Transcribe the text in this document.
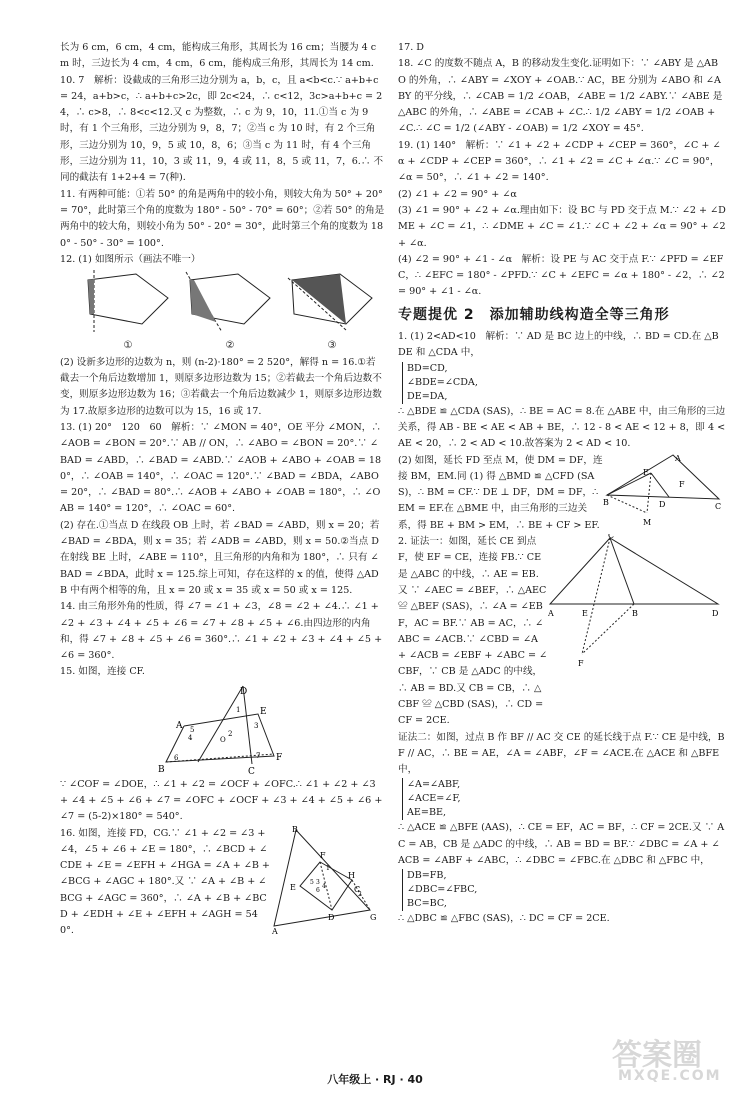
长为 6 cm，6 cm，4 cm，能构成三角形，其周长为 16 cm；当腰为 4 cm 时，三边长为 4 cm，4 cm，6 cm，能构成三角形，其周长为 14 cm.

10. 7　解析：设截成的三角形三边分别为 a，b，c，且 a<b<c.∵ a+b+c = 24，a+b>c，∴ a+b+c>2c，即 2c<24，∴ c<12，3c>a+b+c = 24，∴ c>8，∴ 8<c<12.又 c 为整数，∴ c 为 9，10，11.①当 c 为 9 时，有 1 个三角形，三边分别为 9，8，7；②当 c 为 10 时，有 2 个三角形，三边分别为 10，9，5 或 10，8，6；③当 c 为 11 时，有 4 个三角形，三边分别为 11，10，3 或 11，9，4 或 11，8，5 或 11，7，6.∴ 不同的截法有 1+2+4 = 7(种).

11. 有两种可能：①若 50° 的角是两角中的较小角，则较大角为 50° + 20° = 70°，此时第三个角的度数为 180° - 50° - 70° = 60°；②若 50° 的角是两角中的较大角，则较小角为 50° - 20° = 30°，此时第三个角的度数为 180° - 50° - 30° = 100°.

12. (1) 如图所示（画法不唯一）

①	②	③

(2) 设新多边形的边数为 n，则 (n-2)·180° = 2 520°，解得 n = 16.①若截去一个角后边数增加 1，则原多边形边数为 15；②若截去一个角后边数不变，则原多边形边数为 16；③若截去一个角后边数减少 1，则原多边形边数为 17.故原多边形的边数可以为 15，16 或 17.

13. (1) 20°　120　60　解析：∵ ∠MON = 40°，OE 平分 ∠MON，∴ ∠AOB = ∠BON = 20°.∵ AB // ON，∴ ∠ABO = ∠BON = 20°.∵ ∠BAD = ∠ABD，∴ ∠BAD = ∠ABD.∵ ∠AOB + ∠ABO + ∠OAB = 180°，∴ ∠OAB = 140°，∴ ∠OAC = 120°.∵ ∠BAD = ∠BDA，∠ABO = 20°，∴ ∠BAD = 80°.∴ ∠AOB + ∠ABO + ∠OAB = 180°，∴ ∠OAB = 140° = 120°，∴ ∠OAC = 60°.

(2) 存在.①当点 D 在线段 OB 上时，若 ∠BAD = ∠ABD，则 x = 20；若 ∠BAD = ∠BDA，则 x = 35；若 ∠ADB = ∠ABD，则 x = 50.②当点 D 在射线 BE 上时，∠ABE = 110°，且三角形的内角和为 180°，∴ 只有 ∠BAD = ∠BDA，此时 x = 125.综上可知，存在这样的 x 的值，使得 △ADB 中有两个相等的角，且 x = 20 或 x = 35 或 x = 50 或 x = 125.

14. 由三角形外角的性质，得 ∠7 = ∠1 + ∠3，∠8 = ∠2 + ∠4.∴ ∠1 + ∠2 + ∠3 + ∠4 + ∠5 + ∠6 = ∠7 + ∠8 + ∠5 + ∠6.由四边形的内角和，得 ∠7 + ∠8 + ∠5 + ∠6 = 360°.∴ ∠1 + ∠2 + ∠3 + ∠4 + ∠5 + ∠6 = 360°.

15. 如图，连接 CF.

D
A
E
B	C
F
1
2
3
4
5
6	7
O

∵ ∠COF = ∠DOE，∴ ∠1 + ∠2 = ∠OCF + ∠OFC.∴ ∠1 + ∠2 + ∠3 + ∠4 + ∠5 + ∠6 + ∠7 = ∠OFC + ∠OCF + ∠3 + ∠4 + ∠5 + ∠6 + ∠7 = (5-2)×180° = 540°.

16. 如图，连接 FD，CG.∵ ∠1 + ∠2 = ∠3 + ∠4，∠5 + ∠6 + ∠E = 180°，∴ ∠BCD + ∠CDE + ∠E = ∠EFH + ∠HGA = ∠A + ∠B + ∠BCG + ∠AGC + 180°.又 ∵ ∠A + ∠B + ∠BCG + ∠AGC = 360°，∴ ∠A + ∠B + ∠BCD + ∠EDH + ∠E + ∠EFH + ∠AGH = 540°.

B
F
E
D
H
C
A
G
1
2
3
4
5
6

17. D

18. ∠C 的度数不随点 A，B 的移动发生变化.证明如下：∵ ∠ABY 是 △ABO 的外角，∴ ∠ABY = ∠XOY + ∠OAB.∵ AC，BE 分别为 ∠ABO 和 ∠ABY 的平分线，∴ ∠CAB = 1/2 ∠OAB，∠ABE = 1/2 ∠ABY.∵ ∠ABE 是 △ABC 的外角，∴ ∠ABE = ∠CAB + ∠C.∴ 1/2 ∠ABY = 1/2 ∠OAB + ∠C.∴ ∠C = 1/2 (∠ABY - ∠OAB) = 1/2 ∠XOY = 45°.

19. (1) 140°　解析：∵ ∠1 + ∠2 + ∠CDP + ∠CEP = 360°，∠C + ∠α + ∠CDP + ∠CEP = 360°，∴ ∠1 + ∠2 = ∠C + ∠α.∵ ∠C = 90°，∠α = 50°，∴ ∠1 + ∠2 = 140°.

(2) ∠1 + ∠2 = 90° + ∠α

(3) ∠1 = 90° + ∠2 + ∠α.理由如下：设 BC 与 PD 交于点 M.∵ ∠2 + ∠DME + ∠C = ∠1，∴ ∠DME + ∠C = ∠1.∵ ∠C + ∠2 + ∠α = 90° + ∠2 + ∠α.

(4) ∠2 = 90° + ∠1 - ∠α　解析：设 PE 与 AC 交于点 F.∵ ∠PFD = ∠EFC，∴ ∠EFC = 180° - ∠PFD.∵ ∠C + ∠EFC = ∠α + 180° - ∠2，∴ ∠2 = 90° + ∠1 - ∠α.

专题提优 2　添加辅助线构造全等三角形

1. (1) 2<AD<10　解析：∵ AD 是 BC 边上的中线，∴ BD = CD.在 △BDE 和 △CDA 中，

BD=CD,
∠BDE=∠CDA,
DE=DA,

∴ △BDE ≌ △CDA (SAS)，∴ BE = AC = 8.在 △ABE 中，由三角形的三边关系，得 AB - BE < AE < AB + BE，∴ 12 - 8 < AE < 12 + 8，即 4 < AE < 20，∴ 2 < AD < 10.故答案为 2 < AD < 10.

(2) 如图，延长 FD 至点 M，使 DM = DF，连接 BM，EM.同 (1) 得 △BMD ≌ △CFD (SAS)，∴ BM = CF.∵ DE ⊥ DF，DM = DF，∴ EM = EF.在 △BME 中，由三角形的三边关系，得 BE + BM > EM，∴ BE + CF > EF.

A
E
F
B	D	C
M

2. 证法一：如图，延长 CE 到点 F，使 EF = CE，连接 FB.∵ CE 是 △ABC 的中线，∴ AE = EB.又 ∵ ∠AEC = ∠BEF，∴ △AEC ≌ △BEF (SAS)，∴ ∠A = ∠EBF，AC = BF.∵ AB = AC，∴ ∠ABC = ∠ACB.∵ ∠CBD = ∠A + ∠ACB = ∠EBF + ∠ABC = ∠CBF，∵ CB 是 △ADC 的中线，∴ AB = BD.又 CB = CB，∴ △CBF ≌ △CBD (SAS)，∴ CD = CF = 2CE.

C
A	E	B	D
F

证法二：如图，过点 B 作 BF // AC 交 CE 的延长线于点 F.∵ CE 是中线，BF // AC，∴ BE = AE，∠A = ∠ABF，∠F = ∠ACE.在 △ACE 和 △BFE 中，

∠A=∠ABF,
∠ACE=∠F,
AE=BE,

∴ △ACE ≌ △BFE (AAS)，∴ CE = EF，AC = BF，∴ CF = 2CE.又 ∵ AC = AB，CB 是 △ADC 的中线，∴ AB = BD = BF.∵ ∠DBC = ∠A + ∠ACB = ∠ABF + ∠ABC，∴ ∠DBC = ∠FBC.在 △DBC 和 △FBC 中，

DB=FB,
∠DBC=∠FBC,
BC=BC,

∴ △DBC ≌ △FBC (SAS)，∴ DC = CF = 2CE.

八年级上 · RJ · 40
答案圈
MXQE.COM
